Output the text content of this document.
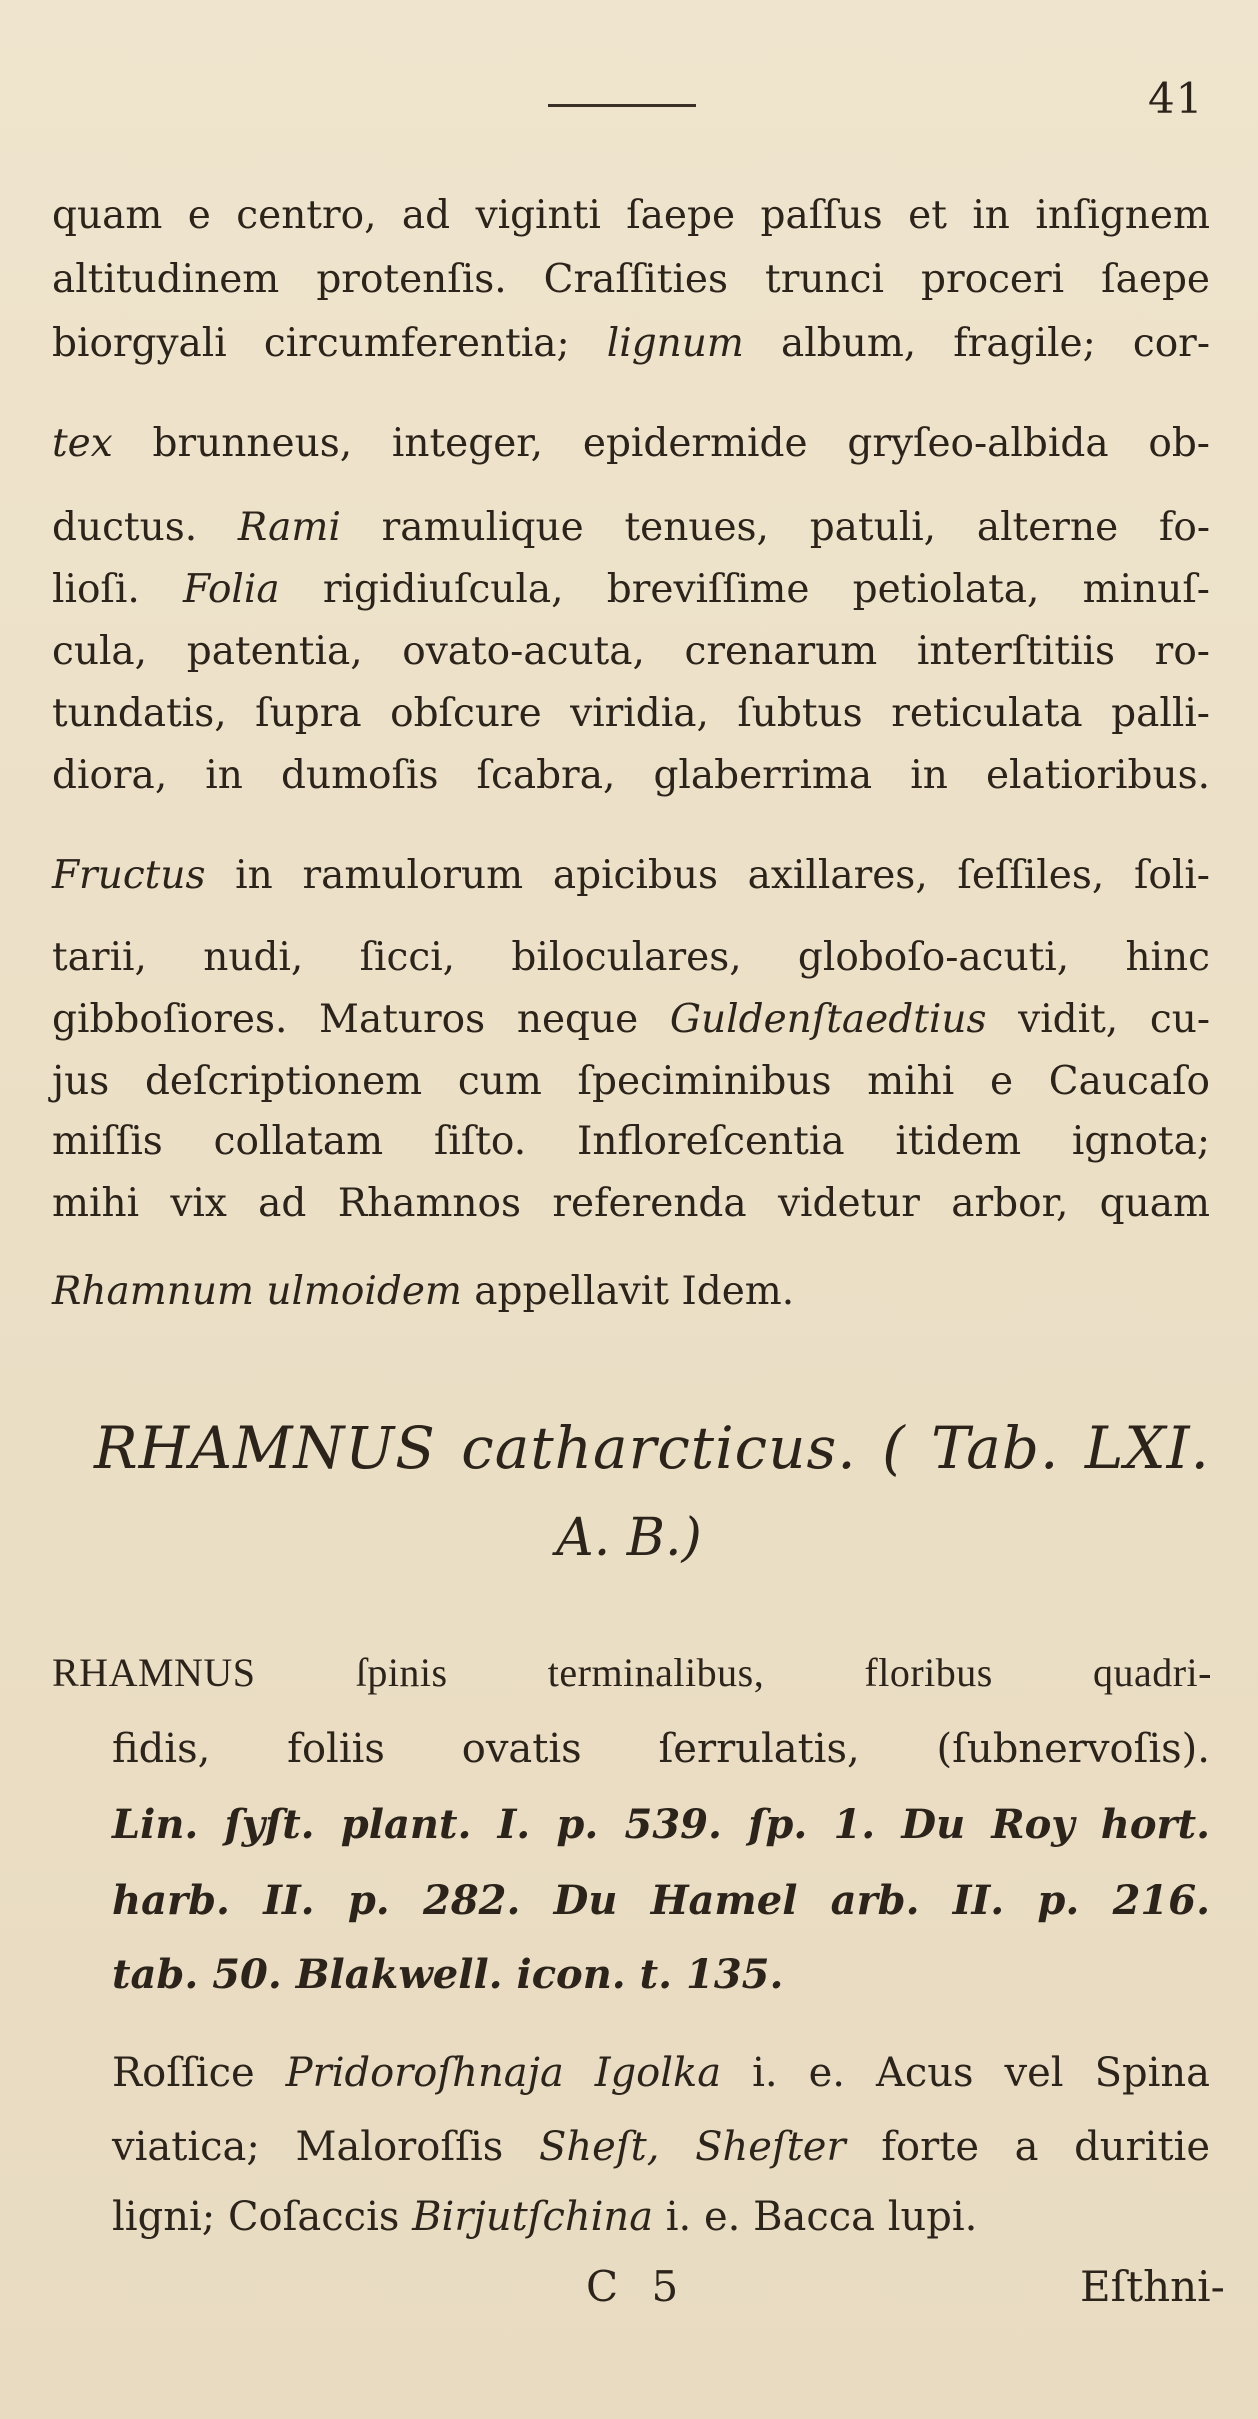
41
quam e centro, ad viginti ſaepe paſſus et in inſignem
altitudinem protenſis. Craſſities trunci proceri ſaepe
biorgyali circumferentia; lignum album, fragile; cor-
tex brunneus, integer, epidermide gryſeo-albida ob-
ductus. Rami ramulique tenues, patuli, alterne fo-
lioſi. Folia rigidiuſcula, breviſſime petiolata, minuſ-
cula, patentia, ovato-acuta, crenarum interſtitiis ro-
tundatis, ſupra obſcure viridia, ſubtus reticulata palli-
diora, in dumoſis ſcabra, glaberrima in elatioribus.
Fructus in ramulorum apicibus axillares, ſeſſiles, ſoli-
tarii, nudi, ſicci, biloculares, globoſo-acuti, hinc
gibboſiores. Maturos neque Guldenſtaedtius vidit, cu-
jus deſcriptionem cum ſpeciminibus mihi e Caucaſo
miſſis collatam ſiſto. Infloreſcentia itidem ignota;
mihi vix ad Rhamnos referenda videtur arbor, quam
Rhamnum ulmoidem appellavit Idem.
RHAMNUS catharcticus. ( Tab. LXI.
A. B.)
RHAMNUS ſpinis terminalibus, floribus quadri-
fidis, foliis ovatis ſerrulatis, (ſubnervoſis).
Lin. ſyſt. plant. I. p. 539. ſp. 1. Du Roy hort.
harb. II. p. 282. Du Hamel arb. II. p. 216.
tab. 50. Blakwell. icon. t. 135.
Roſſice Pridoroſhnaja Igolka i. e. Acus vel Spina
viatica; Maloroſſis Sheſt, Sheſter forte a duritie
ligni; Coſaccis Birjutſchina i. e. Bacca lupi.
C 5	Eſthni-
